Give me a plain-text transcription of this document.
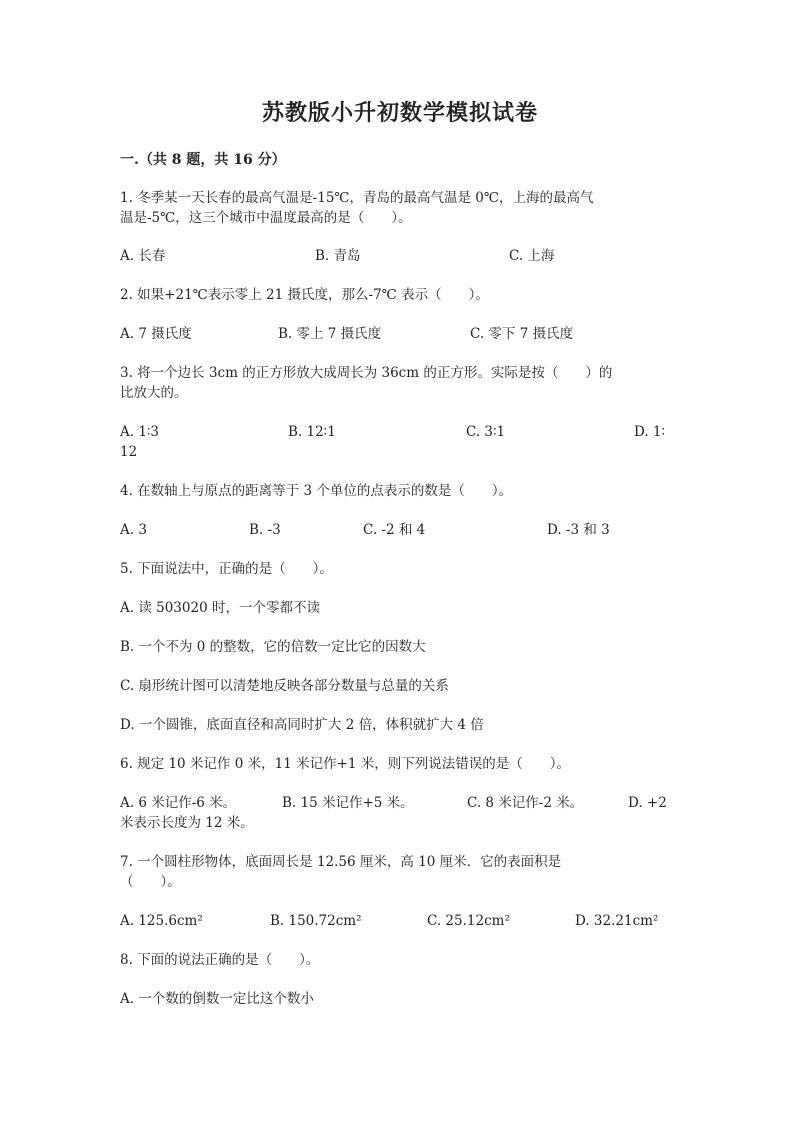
苏教版小升初数学模拟试卷
一.（共 8 题，共 16 分）

1. 冬季某一天长春的最高气温是-15℃，青岛的最高气温是 0℃，上海的最高气

温是-5℃，这三个城市中温度最高的是（　　）。

A. 长春	B. 青岛	C. 上海

2. 如果+21℃表示零上 21 摄氏度，那么-7℃ 表示（　　）。

A. 7 摄氏度	B. 零上 7 摄氏度	C. 零下 7 摄氏度

3. 将一个边长 3cm 的正方形放大成周长为 36cm 的正方形。实际是按（　　）的

比放大的。

A. 1∶3	B. 12∶1	C. 3∶1	D. 1∶

12

4. 在数轴上与原点的距离等于 3 个单位的点表示的数是（　　）。

A. 3	B. -3	C. -2 和 4	D. -3 和 3

5. 下面说法中，正确的是（　　）。

A. 读 503020 时，一个零都不读

B. 一个不为 0 的整数，它的倍数一定比它的因数大

C. 扇形统计图可以清楚地反映各部分数量与总量的关系

D. 一个圆锥，底面直径和高同时扩大 2 倍，体积就扩大 4 倍

6. 规定 10 米记作 0 米，11 米记作+1 米，则下列说法错误的是（　　）。

A. 6 米记作-6 米。	B. 15 米记作+5 米。	C. 8 米记作-2 米。	D. +2

米表示长度为 12 米。

7. 一个圆柱形物体，底面周长是 12.56 厘米，高 10 厘米．它的表面积是

（　　）。

A. 125.6cm²	B. 150.72cm²	C. 25.12cm²	D. 32.21cm²

8. 下面的说法正确的是（　　）。

A. 一个数的倒数一定比这个数小
